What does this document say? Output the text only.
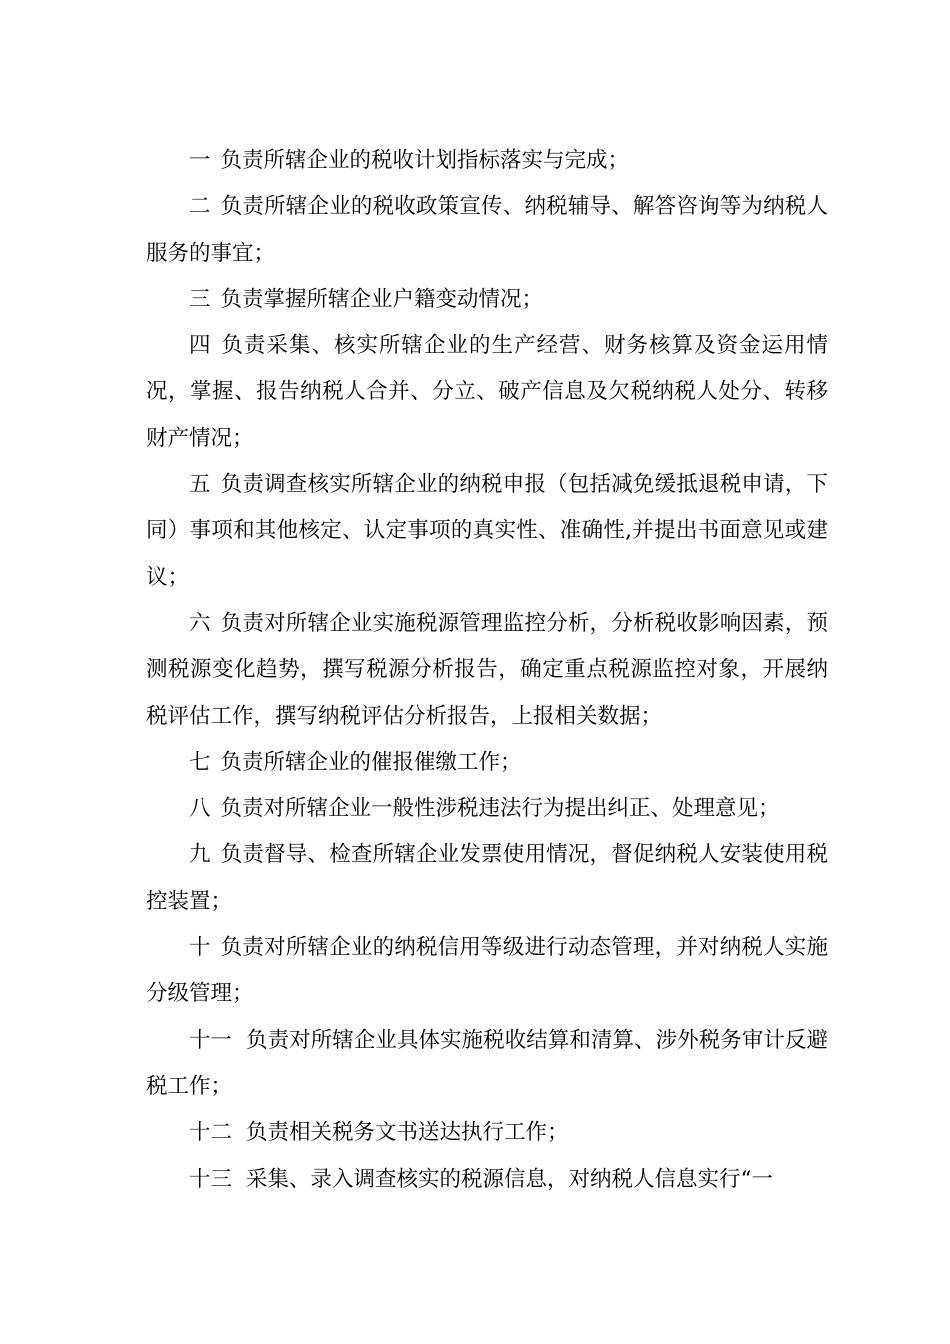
一 负责所辖企业的税收计划指标落实与完成；

二 负责所辖企业的税收政策宣传、纳税辅导、解答咨询等为纳税人服务的事宜；

三 负责掌握所辖企业户籍变动情况；

四 负责采集、核实所辖企业的生产经营、财务核算及资金运用情况，掌握、报告纳税人合并、分立、破产信息及欠税纳税人处分、转移财产情况；

五 负责调查核实所辖企业的纳税申报（包括减免缓抵退税申请，下同）事项和其他核定、认定事项的真实性、准确性,并提出书面意见或建议；

六 负责对所辖企业实施税源管理监控分析，分析税收影响因素，预测税源变化趋势，撰写税源分析报告，确定重点税源监控对象，开展纳税评估工作，撰写纳税评估分析报告，上报相关数据；

七 负责所辖企业的催报催缴工作；

八 负责对所辖企业一般性涉税违法行为提出纠正、处理意见；

九 负责督导、检查所辖企业发票使用情况，督促纳税人安装使用税控装置；

十 负责对所辖企业的纳税信用等级进行动态管理，并对纳税人实施分级管理；

十一 负责对所辖企业具体实施税收结算和清算、涉外税务审计反避税工作；

十二 负责相关税务文书送达执行工作；

十三 采集、录入调查核实的税源信息，对纳税人信息实行“一
